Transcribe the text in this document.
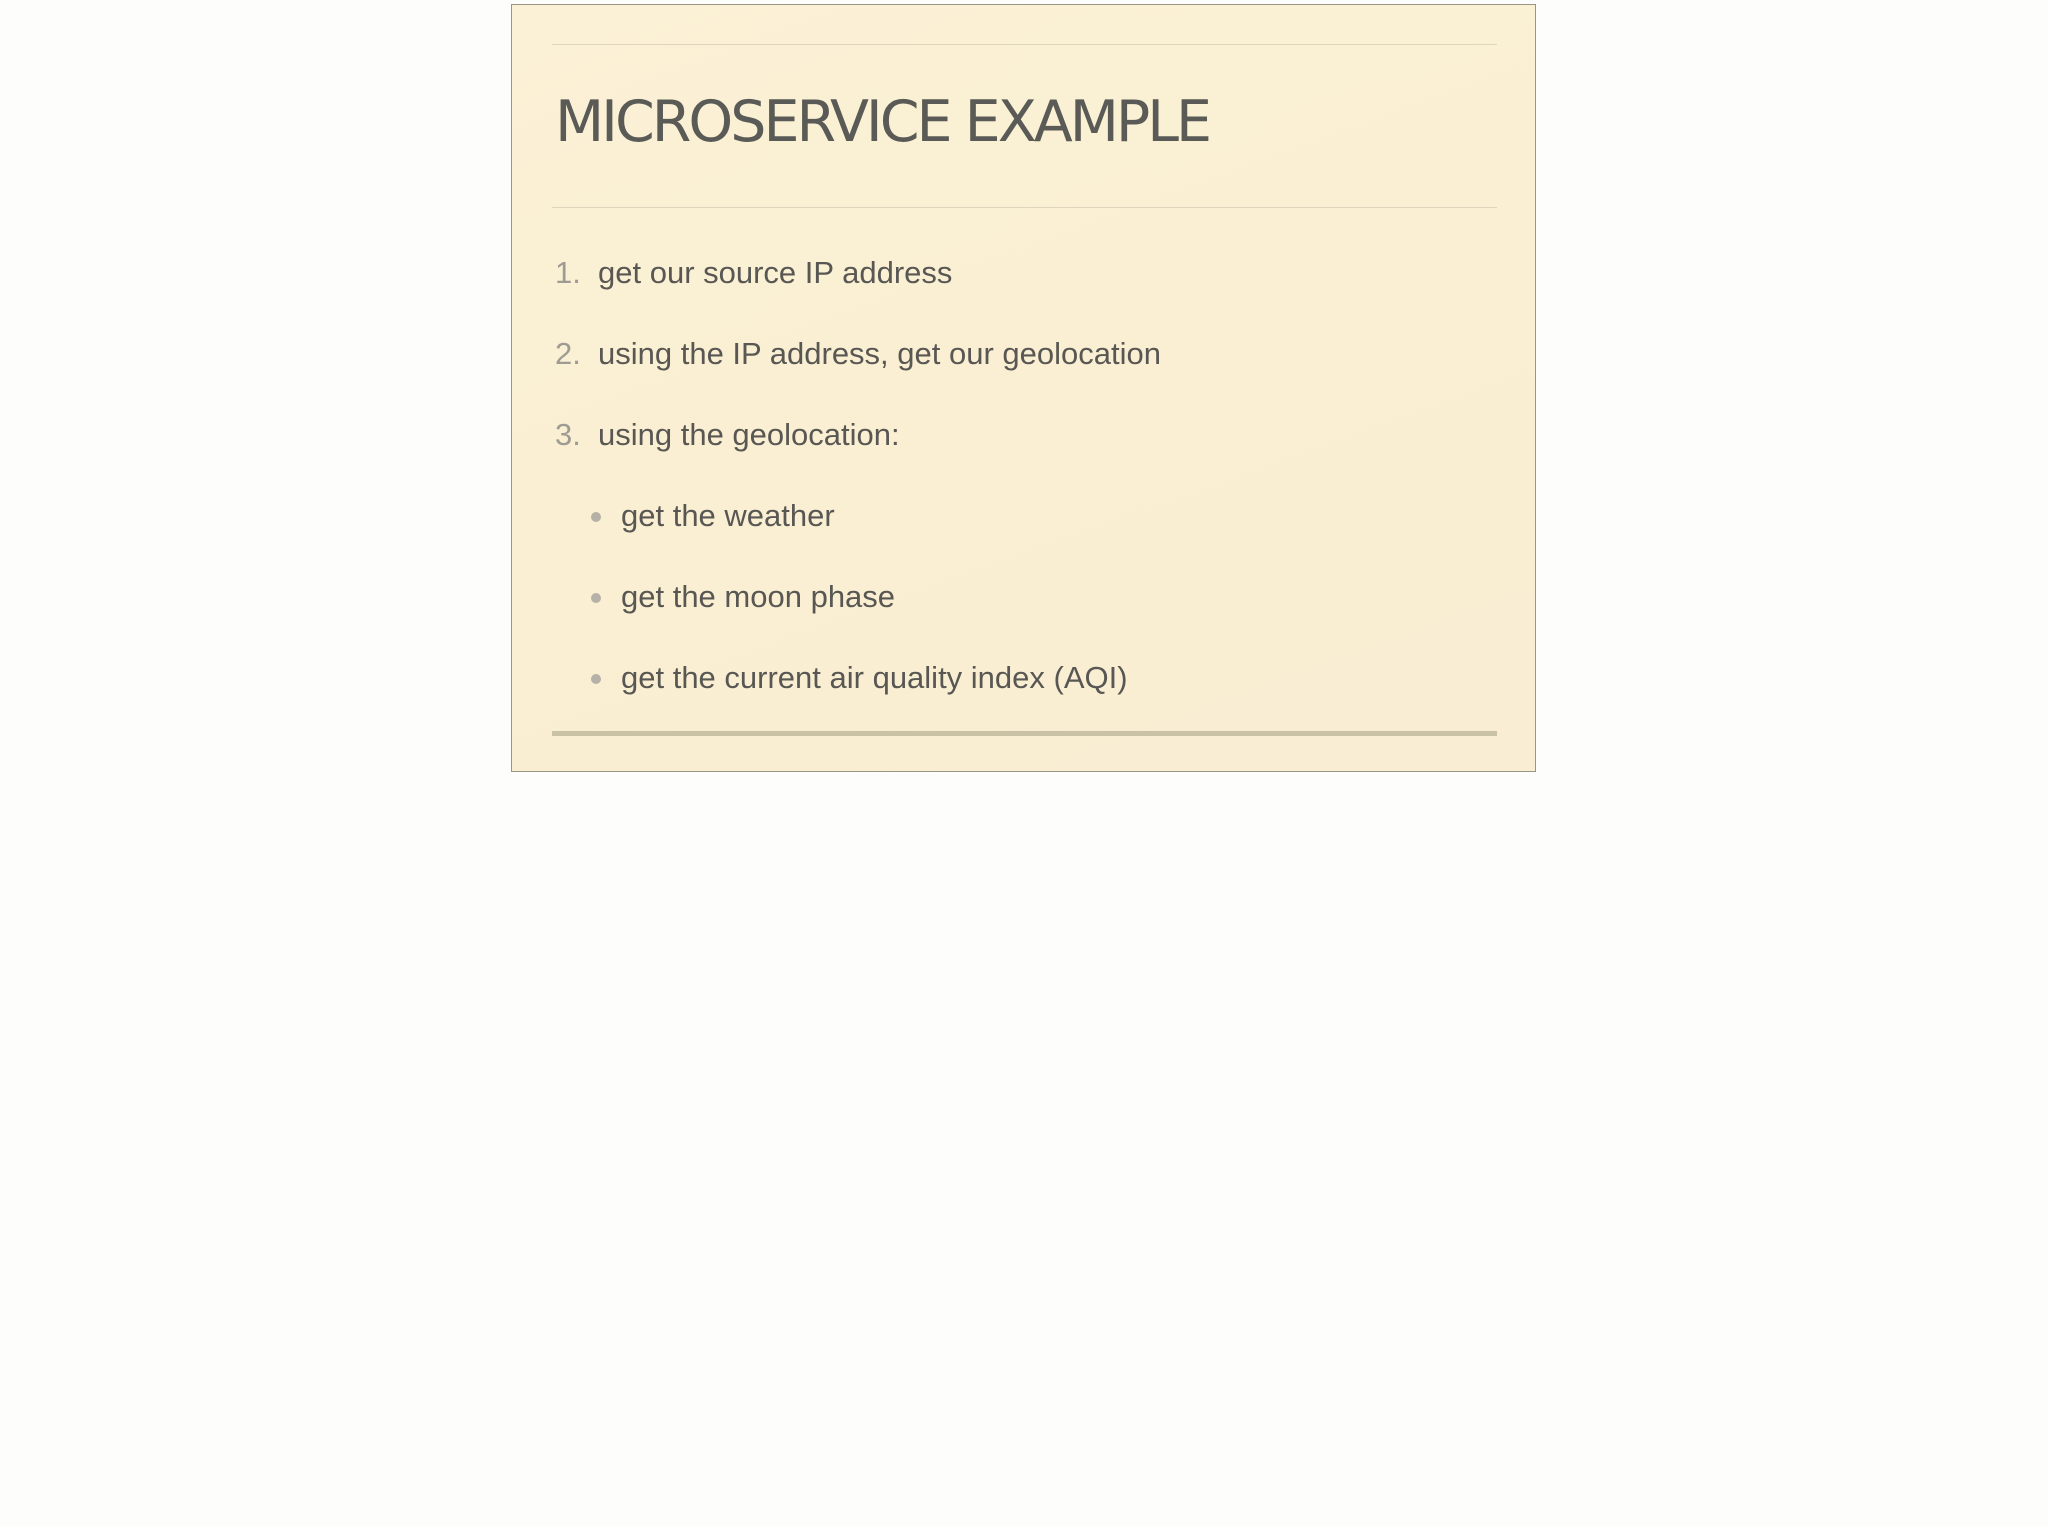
MICROSERVICE EXAMPLE
1. get our source IP address
2. using the IP address, get our geolocation
3. using the geolocation:
get the weather
get the moon phase
get the current air quality index (AQI)
